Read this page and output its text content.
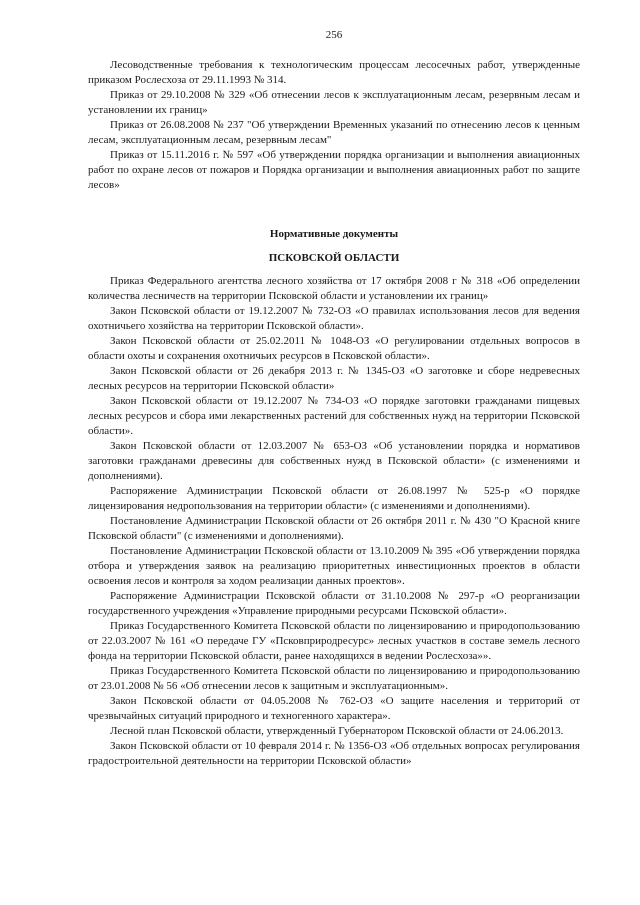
256

Лесоводственные требования к технологическим процессам лесосечных работ, утвержденные приказом Рослесхоза от 29.11.1993 № 314.

Приказ от 29.10.2008 № 329 «Об отнесении лесов к эксплуатационным лесам, резервным лесам и установлении их границ»

Приказ от 26.08.2008 № 237 "Об утверждении Временных указаний по отнесению лесов к ценным лесам, эксплуатационным лесам, резервным лесам"

Приказ от 15.11.2016 г. № 597 «Об утверждении порядка организации и выполнения авиационных работ по охране лесов от пожаров и Порядка организации и выполнения авиационных работ по защите лесов»

Нормативные документы
ПСКОВСКОЙ ОБЛАСТИ

Приказ Федерального агентства лесного хозяйства от 17 октября 2008 г № 318 «Об определении количества лесничеств на территории Псковской области и установлении их границ»

Закон Псковской области от 19.12.2007 № 732-ОЗ «О правилах использования лесов для ведения охотничьего хозяйства на территории Псковской области».

Закон Псковской области от 25.02.2011 № 1048-ОЗ «О регулировании отдельных вопросов в области охоты и сохранения охотничьих ресурсов в Псковской области».

Закон Псковской области от 26 декабря 2013 г. № 1345-ОЗ «О заготовке и сборе недревесных лесных ресурсов на территории Псковской области»

Закон Псковской области от 19.12.2007 № 734-ОЗ «О порядке заготовки гражданами пищевых лесных ресурсов и сбора ими лекарственных растений для собственных нужд на территории Псковской области».

Закон Псковской области от 12.03.2007 № 653-ОЗ «Об установлении порядка и нормативов заготовки гражданами древесины для собственных нужд в Псковской области» (с изменениями и дополнениями).

Распоряжение Администрации Псковской области от 26.08.1997 № 525-р «О порядке лицензирования недропользования на территории области» (с изменениями и дополнениями).

Постановление Администрации Псковской области от 26 октября 2011 г. № 430 "О Красной книге Псковской области" (с изменениями и дополнениями).

Постановление Администрации Псковской области от 13.10.2009 № 395 «Об утверждении порядка отбора и утверждения заявок на реализацию приоритетных инвестиционных проектов в области освоения лесов и контроля за ходом реализации данных проектов».

Распоряжение Администрации Псковской области от 31.10.2008 № 297-р «О реорганизации государственного учреждения «Управление природными ресурсами Псковской области».

Приказ Государственного Комитета Псковской области по лицензированию и природопользованию от 22.03.2007 № 161 «О передаче ГУ «Псковприродресурс» лесных участков в составе земель лесного фонда на территории Псковской области, ранее находящихся в ведении Рослесхоза»».

Приказ Государственного Комитета Псковской области по лицензированию и природопользованию от 23.01.2008 № 56 «Об отнесении лесов к защитным и эксплуатационным».

Закон Псковской области от 04.05.2008 № 762-ОЗ «О защите населения и территорий от чрезвычайных ситуаций природного и техногенного характера».

Лесной план Псковской области, утвержденный Губернатором Псковской области от 24.06.2013.

Закон Псковской области от 10 февраля 2014 г. № 1356-ОЗ «Об отдельных вопросах регулирования градостроительной деятельности на территории Псковской области»
